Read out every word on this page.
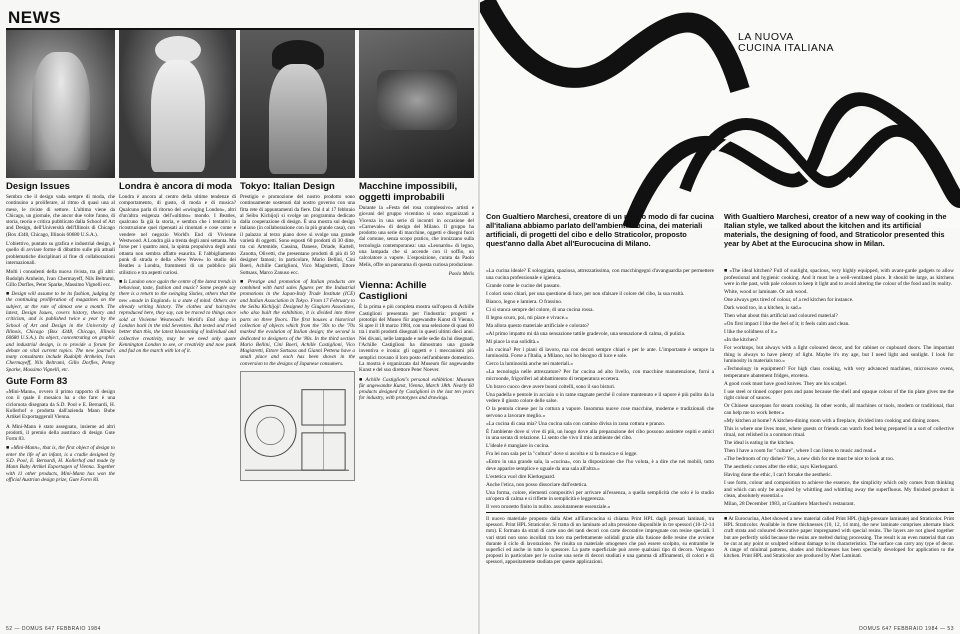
NEWS
Design Issues

Sembra che il design vada sempre di moda, che continuino a proliferare, al ritmo di quasi una al mese, le riviste di settore. L'ultima viene da Chicago, un giornale, che ancor due volte l'anno, di storia, teoria e critica pubblicato dalla School of Art and Design, dell'Università dell'Illinois di Chicago (Box 4348, Chicago, Illinois 60680 U.S.A.).

L'obiettivo, puntato su grafica e industrial design, è quello di avviare forme di dibattito sulle più attuali problematiche disciplinari al fine di collaborazioni internazionali.

Molti i consulenti della nuova rivista, tra gli altri: Rudolph Arnheim, Ivan Chermayeff, Nils Beltrami, Gillo Dorfles, Peter Sparke, Massimo Vignelli ecc.

■ Design will assume to be its fashion, judging by the continuing proliferation of magazines on the subject, at the rate of almost one a month. The latest, Design Issues, covers history, theory and criticism, and is published twice a year by the School of Art and Design in the University of Illinois, Chicago (Box 4348, Chicago, Illinois 60680 U.S.A.). Its object, concentrating on graphic and industrial design, is to provide a forum for debate on vital current topics. The new journal's many consultants include Rudolph Arnheim, Ivan Chermayeff, Nils Beltrami, Gillo Dorfles, Penny Sparke, Massimo Vignelli, etc.

Gute Form 83

«Mini-Mann», ovvero il primo rapporto di design con il quale il mosaico ha a che fare: è una cicloruota disegnata da S.D. Pool e E. Bernardi, H. Kollerhof e prodotta dall'azienda Mann Bube Artikel Exportaggerull Vienna.

A Mini-Mann è stato assegnato, insieme ad altri prodotti, il premio della austriaco di design Gute Form 83.

■ «Mini-Mann», that is, the first object of design to enter the life of an infant, is a cradle designed by S.D. Pool, E. Bernardi, H. Kollerhof and made by Mann Baby Artikel Exportagen of Vienna. Together with 11 other products, Mini-Mann has won the official Austrian design prize, Gute Form 83.

Londra è ancora di moda

Londra è ancora al centro della ultime tendenze di comportamento, di gusto, di moda e di musica? Qualcuno parla di ritorno del «swinging London», altri d'un'altra esigenza dell'«ultimo» mondo. I Beatles, qualcuno fa già la storia, e sembra che i tentativi la ricostruzione quei ripensati ai rinomati e cose come e vendere nel negozio World's End di Vivienne Westwood. A Londra già a trenta degli anni settanta. Ma forse per i quattro anni, la spinta propulsiva degli anni ottanta non sembra affatto esaurita. E l'abbigliamento punk di strada e della «New Wave» lo studio dei Beatles a Londra, frammenti di un pubblico più stilistico e tra aspetti curiosi.

■ Is London once again the centre of the latest trends in behaviour, taste, fashion and music? Some people say there is a return to the swinging Sixties, others that the new «made in England» is a state of mind. Others are already writing history. The clothes and hairstyles reproduced here, they say, can be traced to things once sold at Vivienne Westwood's World's End shop in London back in the mid Seventies. But tested and tried better than this, the latest blossoming of individual and collective creativity, may be we need only quote Kennington London to see, or creativity and now punk and fad on the march with lot of it.

Tokyo: Italian Design

Prestigio e promozione del nostro prodotto sono continuamente sostenuti dal nostro governo con una fitta rete di appuntamenti da fiere. Dal 4 al 17 febbraio al Seibu Kichijoji si svolge un programma dedicato dalla cooperazione di design. È una mostra sul design italiano (in collaborazione con la più grande casa), con il palazzo al terzo piano dove si svolge una grande varietà di oggetti. Sono esposti 60 prodotti di 30 ditte, tra cui Artemide, Cassina, Danese, Driade, Kartell, Zanotta, Olivetti, che presentano prodotti di più di 50 designer famosi; in particolare, Mario Bellini, Cini Boeri, Achille Castiglioni, Vico Magistretti, Ettore Sottsass, Marco Zanuso ecc.

■ Prestige and promotion of Italian products are combined with hard sales figures per the Industrial promotions in the Japan-Italy Trade Institute (ICE) and Italian Association in Tokyo. From 17 February to the Seibu Kichijoji: Designed by Giugiaro Associates, who also built the exhibition, it is divided into three parts on three floors. The first houses a historical collection of objects which from the '30s to the '70s marked the evolution of Italian design; the second is dedicated to designers of the '80s. In the third section Mario Bellini, Cini Boeri, Achille Castiglioni, Vico Magistretti, Ettore Sottsass and Gianni Pettena have a small place and each has been shown in the conversion to the designs of Japanese consumers.

Macchine impossibili, oggetti improbabili

Durante la «Festa del rosa complessivo» artisti e giovani del gruppo vicentino si sono organizzati a Vicenza in una serie di incontri in occasione del «Carnevale» di design del Milano. Il gruppo ha prodotto una serie di macchine, oggetti e disegni fuori dal comune, senza scopo pratico, che ironizzano sulla tecnologia contemporanea: una «Leonardo» di legno, una lampada che si accende con il soffio, un calcolatore a vapore. L'esposizione, curata da Paolo Melis, offre un panorama di questa curiosa produzione.

Paolo Melis
Vienna: Achille Castiglioni

È la prima e più completa mostra sull'opera di Achille Castiglioni presentata per l'industria: progetti e prototipi del Museo für angewandte Kunst di Vienna. Si apre il 18 marzo 1984, con una selezione di quasi 60 tra i molti prodotti disegnati in questi ultimi dieci anni. Nei divani, nelle lampade e nelle sedie da lui disegnati, l'Achille Castiglioni ha dimostrato una grande inventiva e ironia: gli oggetti e i meccanismi più semplici trovano il loro posto nell'ambiente domestico. La mostra è organizzata dal Museum für angewandte Kunst e del suo direttore Peter Noever.

■ Achille Castiglioni's personal exhibition: Museum für angewandte Kunst, Vienna, March 18th. Nearly 60 products designed by Castiglioni in the last ten years for industry, with prototypes and drawings.

52 — DOMUS 647 FEBBRAIO 1984
LA NUOVA
CUCINA ITALIANA
Con Gualtiero Marchesi, creatore di un nuovo modo di far cucina all'italiana abbiamo parlato dell'ambiente cucina, dei materiali artificiali, di progetti del cibo e dello Straticolor, proposto quest'anno dalla Abet all'Eurocucina di Milano.
With Gualtiero Marchesi, creator of a new way of cooking in the Italian style, we talked about the kitchen and its artificial materials, the designing of food, and Straticolor presented this year by Abet at the Eurocucina show in Milan.

«La cucina ideale? È sologgiata, spaziosa, attrezzatissima, con macchingegni d'avanguardia per permettere una cucina professionale e igienica.

Grande come le cucine del passato.

I colori sono chiari, per una questione di luce, per non sfalsare il colore del cibo, la sua realtà.

Bianco, legno e lamiera. O frassino.

Ci si stanca sempre del colore, di una cucina rossa.

Il legno scuro, poi, mi piace e vivace.»

Ma allora questo materiale artificiale e colorato?

«Al primo impatto mi dà una sensazione tattile gradevole, una sensazione di calma, di pulizia.

Mi piace la sua solidità.»

«In cucina? Per i piani di lavoro, ma con decori sempre chiari e per le ante. L'importante è sempre la luminosità. Forse a l'Italia, a Milano, noi ho bisogno di luce e sole.

Cerco la luminosità anche nei materiali.»

«La tecnologia nelle attrezzature? Per far cucina ad alto livello, con macchine manutenzione, forni a microonde, frigoriferi ad abbattimento di temperatura eccetera.

Un bravo cuoco deve avere buoni coltelli, sono il suo bisturi.

Una padella e pentole in acciaio o in rame stagnate perché il colore mantenuto e il sapore è più pulito da la vedere il giusto colore delle salse.

O la pentola cinese per la cottura a vapore. Insomma nuove cose macchine, moderne e tradizionali che servono a lavorare meglio.»

«La cucina di casa mia? Una cucina sala con camino divisa in zona cottura e pranzo.

È l'ambiente dove si vive di più, un luogo dove alla preparazione del cibo possono assistere ospiti e amici in una serata di relazione. Lì sento che vivo il mio ambiente del cibo.

L'ideale è mangiare in cucina.

Fra lei non sala per la "cultura" dove si ascolta e si fa musica e si legge.

«Entro in una grande sala, la «cucina», con la disposizione che l'ho voluta, è a dire che nei mobili, tutto deve apparire semplice e uguale da una sala all'altra.»

L'estetica vuol dire Kierkegaard.

Anche l'etica, non posso dissociare dall'estetica.

Una forma, colore, elementi compositivi per arrivare all'essenza, a quella semplicità che solo è lo studio un'opera di calma e si riflette in semplicità e leggerezza.

Il vero progetto finito in pulito, assolutamente essenziale.»

■ «The ideal kitchen? Full of sunlight, spacious, very highly equipped, with avant-garde gadgets to allow professional and hygienic cooking. And it must be a well-ventilated place. It should be large, as kitchens were in the past, with pale colours to keep it light and to avoid altering the colour of the food and its reality.

White, wood or laminate. Or ash wood.

One always gets tired of colour, of a red kitchen for instance.

Dark wood too, in a kitchen, is sad.»

Then what about this artificial and coloured material?

«On first impact I like the feel of it; it feels calm and clean.

I like the solidness of it.»

«In the kitchen?

For worktops, but always with a light coloured decor, and for cabinet or cupboard doors. The important thing is always to have plenty of light. Maybe it's my age, but I need light and sunlight. I look for luminosity in materials too.»

«Technology in equipment? For high class cooking, with very advanced machines, microwave ovens, temperature abatement fridges, etcetera.

A good cook must have good knives. They are his scalpel.

I use steel or tinned copper pots and pans because the shell and opaque colour of the tin plate gives me the right colour of sauces.

Or Chinese saucepans for steam cooking. In other words, all machines or tools, modern or traditional, that can help me to work better.»

«My kitchen at home? A kitchen-dining room with a fireplace, divided into cooking and dining zones.

This is where one lives most, where guests or friends can watch food being prepared in a sort of collective ritual, not relished in a common ritual.

The ideal is eating in the kitchen.

Then I have a room for "culture", where I can listen to music and read.»

«The bedroom of my dishes? Yes, a new dish for me must be nice to look at too.

The aesthetic comes after the ethic, says Kierkegaard.

Having done the ethic, I can't forsake the aesthetic.

I use form, colour and composition to achieve the essence, the simplicity which only comes from thinking and which can only be acquired by whittling and whittling away the superfluous. My finished product is clean, absolutely essential.»

Milan, 28 December 1983, at Gualtiero Marchesi's restaurant.

Il nuovo materiale proposto dalla Abet all'Eurocucina si chiama Print HPL dagli pressati laminati, tra spessori. Print HPL Straticolor. Si tratta di un laminato ad alta pressione disponibile in tre spessori (10-12-14 mm). E formato da strati di carte uno dei tanti decori con carte decorative impregnate con resine speciali. I vari strati non sono incollati tra loro ma perfettamente solidali grazie alla fusione delle resine che avviene durante il ciclo di lavorazione. Ne risulta un materiale omogeneo che può essere scolpito, su entrambe le superfici ed anche in tutto lo spessore. La parte superficiale può avere qualsiasi tipo di decoro. Vengono proposti in particolare per le cucine una serie di decori studiati e una gamma di affinamenti, di colori e di spessori, appositamente studiata per queste applicazioni.

■ At Eurocucina, Abet showed a new material called Print HPL (high-pressure laminate) and Straticolor. Print HPL Straticolor. Available in three thicknesses (10, 12, 14 mm), the new laminate comprises alternate black craft strata and coloured decorative paper impregnated with special resins. The layers are not glued together but are perfectly solid because the resins are melted during processing. The result is an even material that can be cut at any point or sculpted without damage to its characteristics. The surface can carry any type of decor. A range of minimal patterns, shades and thicknesses has been specially developed for application to the kitchen. Print HPL and Straticolor are produced by Abet Laminati.

DOMUS 647 FEBBRAIO 1984 — 53
